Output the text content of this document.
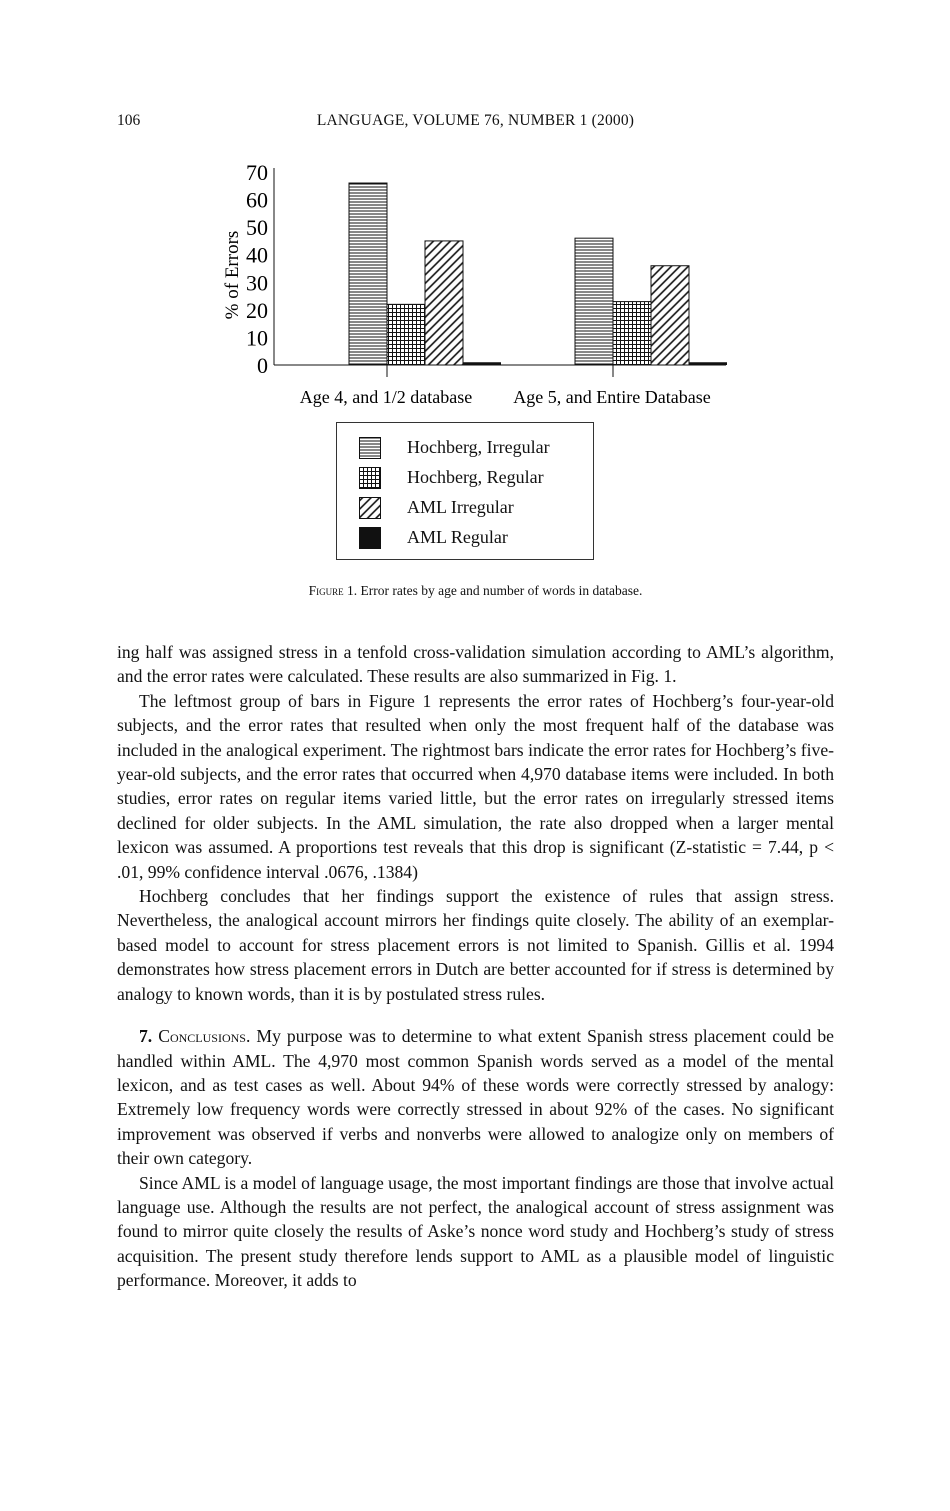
106	LANGUAGE, VOLUME 76, NUMBER 1 (2000)
70
60
50
40
30
20
10
0
% of Errors
Age 4, and 1/2 database Age 5, and Entire Database
Hochberg, Irregular
Hochberg, Regular
AML Irregular
AML Regular
Figure 1. Error rates by age and number of words in database.

ing half was assigned stress in a tenfold cross-validation simulation according to AML’s algorithm, and the error rates were calculated. These results are also summarized in Fig. 1.

The leftmost group of bars in Figure 1 represents the error rates of Hochberg’s four-year-old subjects, and the error rates that resulted when only the most frequent half of the database was included in the analogical experiment. The rightmost bars indicate the error rates for Hochberg’s five-year-old subjects, and the error rates that occurred when 4,970 database items were included. In both studies, error rates on regular items varied little, but the error rates on irregularly stressed items declined for older subjects. In the AML simulation, the rate also dropped when a larger mental lexicon was assumed. A proportions test reveals that this drop is significant (Z-statistic = 7.44, p < .01, 99% confidence interval .0676, .1384)

Hochberg concludes that her findings support the existence of rules that assign stress. Nevertheless, the analogical account mirrors her findings quite closely. The ability of an exemplar-based model to account for stress placement errors is not limited to Spanish. Gillis et al. 1994 demonstrates how stress placement errors in Dutch are better accounted for if stress is determined by analogy to known words, than it is by postulated stress rules.

7. Conclusions. My purpose was to determine to what extent Spanish stress placement could be handled within AML. The 4,970 most common Spanish words served as a model of the mental lexicon, and as test cases as well. About 94% of these words were correctly stressed by analogy: Extremely low frequency words were correctly stressed in about 92% of the cases. No significant improvement was observed if verbs and nonverbs were allowed to analogize only on members of their own category.

Since AML is a model of language usage, the most important findings are those that involve actual language use. Although the results are not perfect, the analogical account of stress assignment was found to mirror quite closely the results of Aske’s nonce word study and Hochberg’s study of stress acquisition. The present study therefore lends support to AML as a plausible model of linguistic performance. Moreover, it adds to
